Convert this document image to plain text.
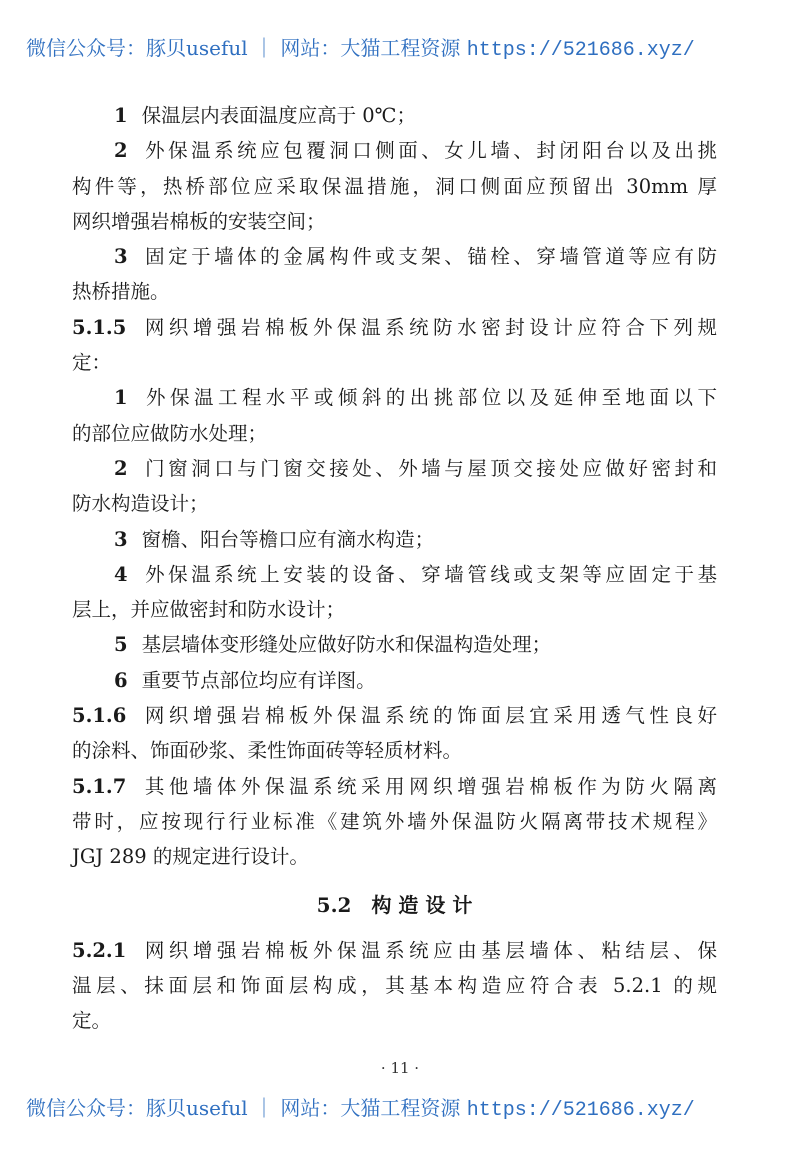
微信公众号：豚贝useful ｜ 网站：大猫工程资源 https://521686.xyz/
1 保温层内表面温度应高于 0℃；
2 外保温系统应包覆洞口侧面、女儿墙、封闭阳台以及出挑
构件等，热桥部位应采取保温措施，洞口侧面应预留出 30mm 厚
网织增强岩棉板的安装空间；
3 固定于墙体的金属构件或支架、锚栓、穿墙管道等应有防
热桥措施。
5.1.5 网织增强岩棉板外保温系统防水密封设计应符合下列规
定：
1 外保温工程水平或倾斜的出挑部位以及延伸至地面以下
的部位应做防水处理；
2 门窗洞口与门窗交接处、外墙与屋顶交接处应做好密封和
防水构造设计；
3 窗檐、阳台等檐口应有滴水构造；
4 外保温系统上安装的设备、穿墙管线或支架等应固定于基
层上，并应做密封和防水设计；
5 基层墙体变形缝处应做好防水和保温构造处理；
6 重要节点部位均应有详图。
5.1.6 网织增强岩棉板外保温系统的饰面层宜采用透气性良好
的涂料、饰面砂浆、柔性饰面砖等轻质材料。
5.1.7 其他墙体外保温系统采用网织增强岩棉板作为防火隔离
带时，应按现行行业标准《建筑外墙外保温防火隔离带技术规程》
JGJ 289 的规定进行设计。
5.2　构 造 设 计
5.2.1 网织增强岩棉板外保温系统应由基层墙体、粘结层、保
温层、抹面层和饰面层构成，其基本构造应符合表 5.2.1 的规
定。
· 11 ·
微信公众号：豚贝useful ｜ 网站：大猫工程资源 https://521686.xyz/
